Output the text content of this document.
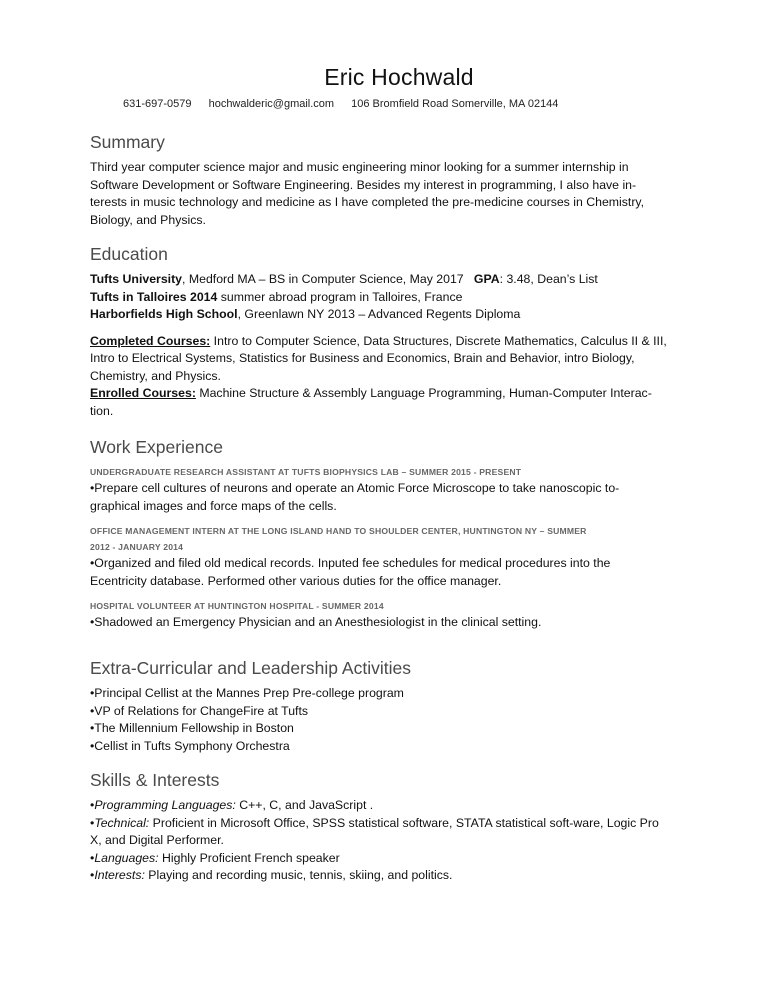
Eric Hochwald
631-697-0579 hochwalderic@gmail.com 106 Bromfield Road Somerville, MA 02144
Summary

Third year computer science major and music engineering minor looking for a summer internship in

Software Development or Software Engineering. Besides my interest in programming, I also have in-

terests in music technology and medicine as I have completed the pre-medicine courses in Chemistry,

Biology, and Physics.

Education

Tufts University, Medford MA – BS in Computer Science, May 2017 GPA: 3.48, Dean’s List

Tufts in Talloires 2014 summer abroad program in Talloires, France

Harborfields High School, Greenlawn NY 2013 – Advanced Regents Diploma

Completed Courses: Intro to Computer Science, Data Structures, Discrete Mathematics, Calculus II & III,

Intro to Electrical Systems, Statistics for Business and Economics, Brain and Behavior, intro Biology,

Chemistry, and Physics.

Enrolled Courses: Machine Structure & Assembly Language Programming, Human-Computer Interac-

tion.

Work Experience

UNDERGRADUATE RESEARCH ASSISTANT AT TUFTS BIOPHYSICS LAB – SUMMER 2015 - PRESENT

•Prepare cell cultures of neurons and operate an Atomic Force Microscope to take nanoscopic to-

graphical images and force maps of the cells.

OFFICE MANAGEMENT INTERN AT THE LONG ISLAND HAND TO SHOULDER CENTER, HUNTINGTON NY – SUMMER

2012 - JANUARY 2014

•Organized and filed old medical records. Inputed fee schedules for medical procedures into the

Ecentricity database. Performed other various duties for the office manager.

HOSPITAL VOLUNTEER AT HUNTINGTON HOSPITAL - SUMMER 2014

•Shadowed an Emergency Physician and an Anesthesiologist in the clinical setting.

Extra-Curricular and Leadership Activities

•Principal Cellist at the Mannes Prep Pre-college program

•VP of Relations for ChangeFire at Tufts

•The Millennium Fellowship in Boston

•Cellist in Tufts Symphony Orchestra

Skills & Interests

•Programming Languages: C++, C, and JavaScript .

•Technical: Proficient in Microsoft Office, SPSS statistical software, STATA statistical soft-ware, Logic Pro

X, and Digital Performer.

•Languages: Highly Proficient French speaker

•Interests: Playing and recording music, tennis, skiing, and politics.
